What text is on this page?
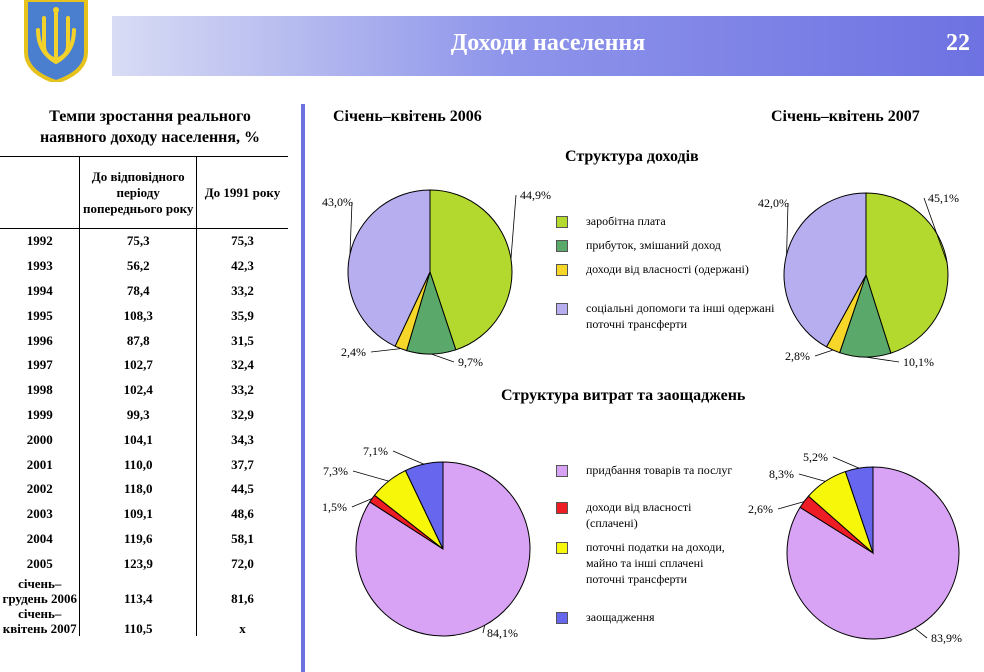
Доходи населення	22
Темпи зростання реального
наявного доходу населення, %
	До відповідного періоду попереднього року	До 1991 року
1992	75,3	75,3
1993	56,2	42,3
1994	78,4	33,2
1995	108,3	35,9
1996	87,8	31,5
1997	102,7	32,4
1998	102,4	33,2
1999	99,3	32,9
2000	104,1	34,3
2001	110,0	37,7
2002	118,0	44,5
2003	109,1	48,6
2004	119,6	58,1
2005	123,9	72,0
січень–грудень 2006	113,4	81,6
січень–квітень 2007	110,5	x
Січень–квітень 2006	Січень–квітень 2007
Структура доходів
Структура витрат та заощаджень
44,9%
9,7%
2,4%
43,0%	45,1%
10,1%
2,8%
42,0%
84,1%
1,5%
7,3%
7,1%
83,9%
2,6%
8,3%
5,2%
заробітна плата
прибуток, змішаний доход
доходи від власності (одержані)
соціальні допомоги та інші одержані поточні трансферти
придбання товарів та послуг
доходи від власності (сплачені)
поточні податки на доходи, майно та інші сплачені поточні трансферти
заощадження
